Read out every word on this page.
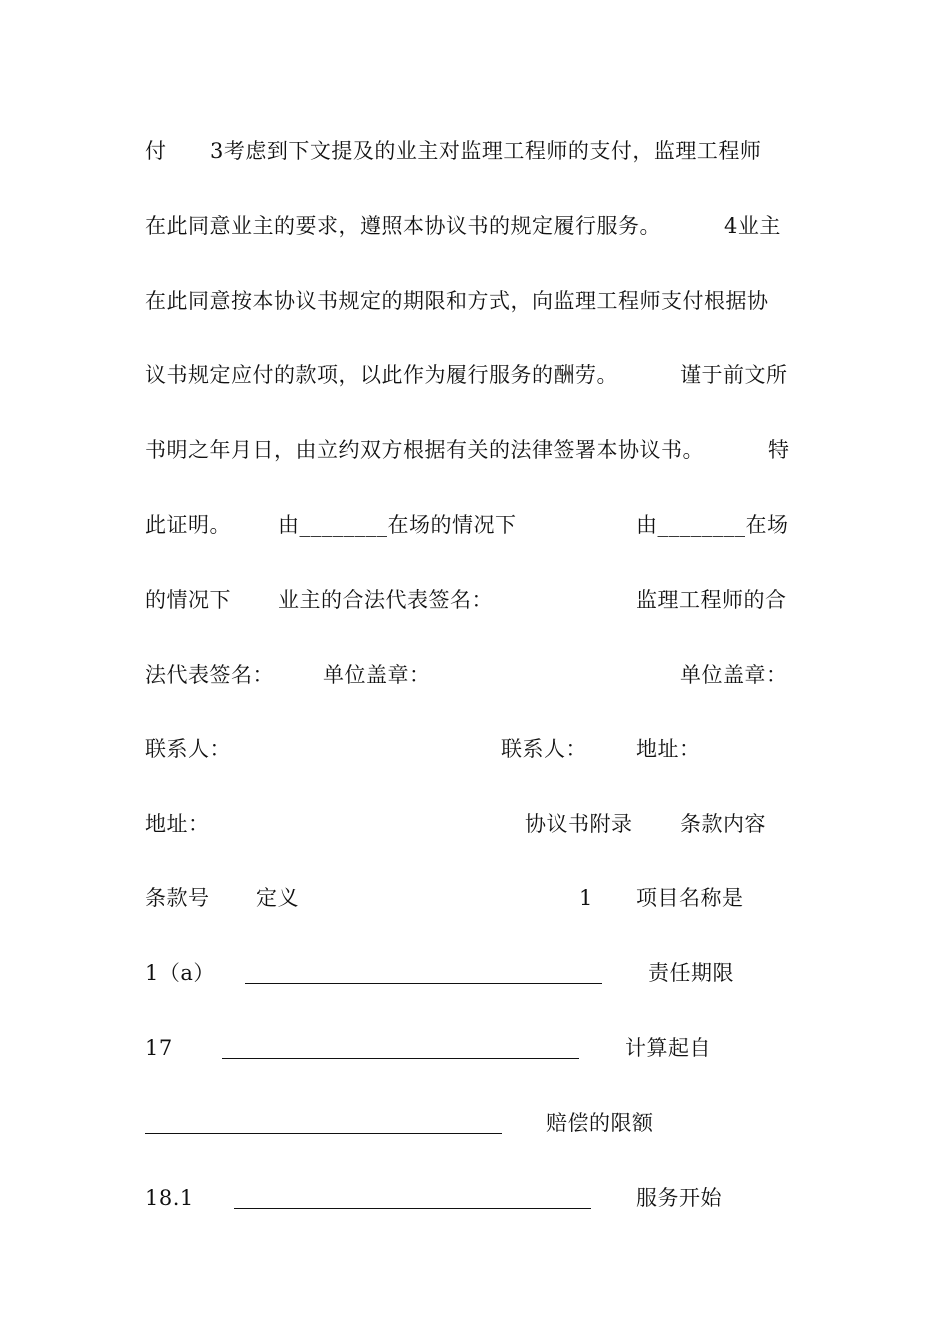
付 3考虑到下文提及的业主对监理工程师的支付，监理工程师
在此同意业主的要求，遵照本协议书的规定履行服务。	4业主
在此同意按本协议书规定的期限和方式，向监理工程师支付根据协
议书规定应付的款项，以此作为履行服务的酬劳。	谨于前文所
书明之年月日，由立约双方根据有关的法律签署本协议书。	特
此证明。 由________在场的情况下	由________在场
的情况下 业主的合法代表签名：	监理工程师的合
法代表签名： 单位盖章：	单位盖章：
联系人：	联系人： 地址：
地址：	协议书附录 条款内容
条款号 定义	1 项目名称是
1（a）	责任期限
17	计算起自
赔偿的限额
18.1	服务开始
